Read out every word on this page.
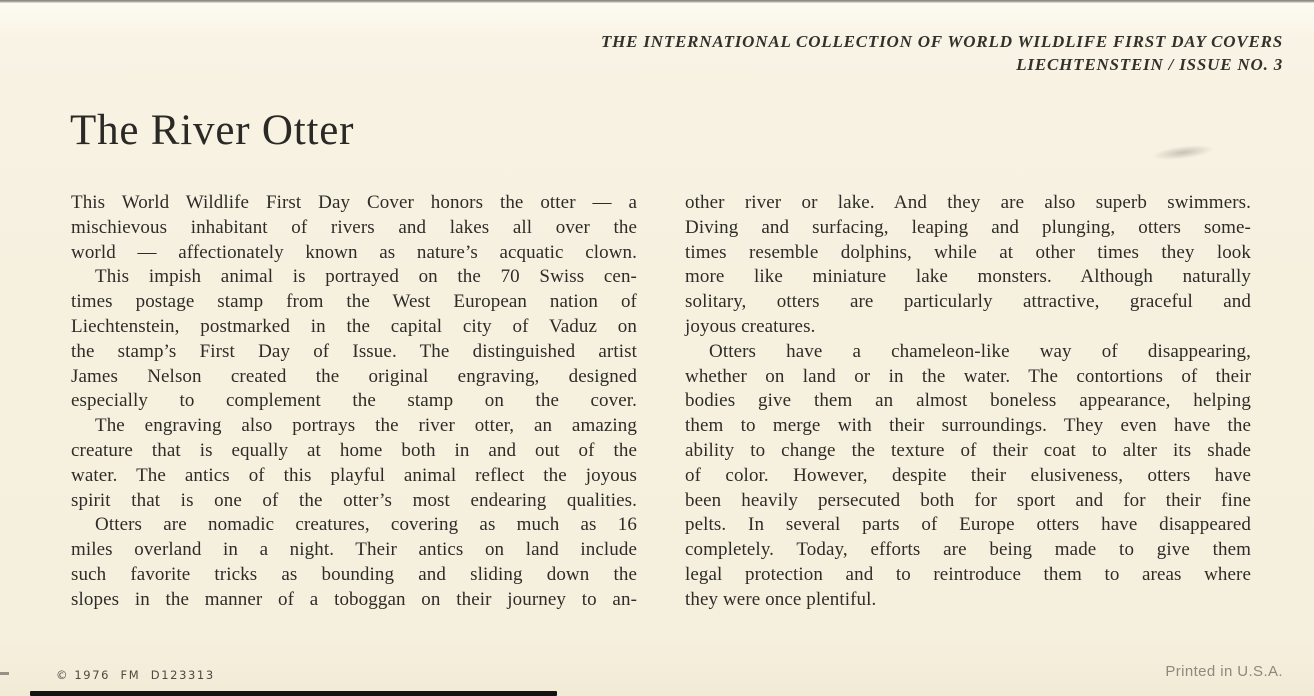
THE INTERNATIONAL COLLECTION OF WORLD WILDLIFE FIRST DAY COVERS
LIECHTENSTEIN / ISSUE NO. 3
The River Otter
This World Wildlife First Day Cover honors the otter — a
mischievous inhabitant of rivers and lakes all over the
world — affectionately known as nature’s acquatic clown.
This impish animal is portrayed on the 70 Swiss cen-
times postage stamp from the West European nation of
Liechtenstein, postmarked in the capital city of Vaduz on
the stamp’s First Day of Issue. The distinguished artist
James Nelson created the original engraving, designed
especially to complement the stamp on the cover.
The engraving also portrays the river otter, an amazing
creature that is equally at home both in and out of the
water. The antics of this playful animal reflect the joyous
spirit that is one of the otter’s most endearing qualities.
Otters are nomadic creatures, covering as much as 16
miles overland in a night. Their antics on land include
such favorite tricks as bounding and sliding down the
slopes in the manner of a toboggan on their journey to an-
other river or lake. And they are also superb swimmers.
Diving and surfacing, leaping and plunging, otters some-
times resemble dolphins, while at other times they look
more like miniature lake monsters. Although naturally
solitary, otters are particularly attractive, graceful and
joyous creatures.
Otters have a chameleon-like way of disappearing,
whether on land or in the water. The contortions of their
bodies give them an almost boneless appearance, helping
them to merge with their surroundings. They even have the
ability to change the texture of their coat to alter its shade
of color. However, despite their elusiveness, otters have
been heavily persecuted both for sport and for their fine
pelts. In several parts of Europe otters have disappeared
completely. Today, efforts are being made to give them
legal protection and to reintroduce them to areas where
they were once plentiful.
© 1976  FM  D123313	Printed in U.S.A.
